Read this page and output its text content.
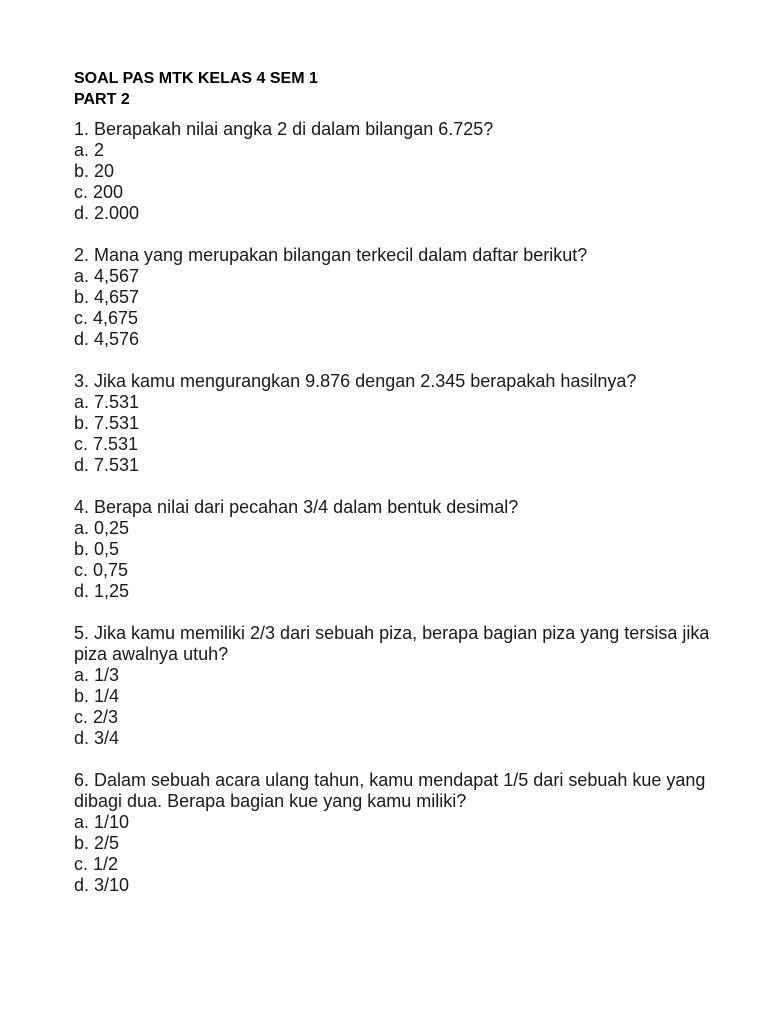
SOAL PAS MTK KELAS 4 SEM 1
PART 2

1. Berapakah nilai angka 2 di dalam bilangan 6.725?

a. 2
b. 20
c. 200
d. 2.000

2. Mana yang merupakan bilangan terkecil dalam daftar berikut?

a. 4,567
b. 4,657
c. 4,675
d. 4,576

3. Jika kamu mengurangkan 9.876 dengan 2.345 berapakah hasilnya?

a. 7.531
b. 7.531
c. 7.531
d. 7.531

4. Berapa nilai dari pecahan 3/4 dalam bentuk desimal?

a. 0,25
b. 0,5
c. 0,75
d. 1,25

5. Jika kamu memiliki 2/3 dari sebuah piza, berapa bagian piza yang tersisa jika piza awalnya utuh?

a. 1/3
b. 1/4
c. 2/3
d. 3/4

6. Dalam sebuah acara ulang tahun, kamu mendapat 1/5 dari sebuah kue yang dibagi dua. Berapa bagian kue yang kamu miliki?

a. 1/10
b. 2/5
c. 1/2
d. 3/10
